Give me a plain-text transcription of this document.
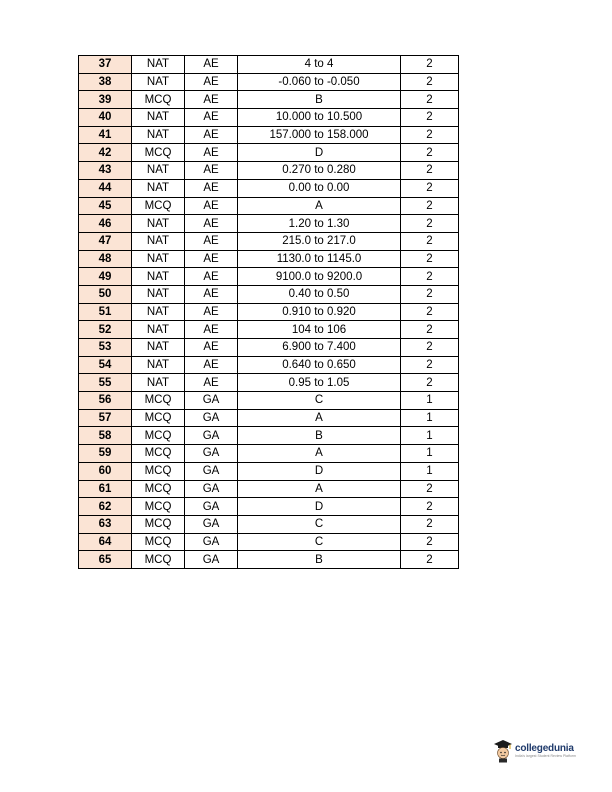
37	NAT	AE	4 to 4	2
38	NAT	AE	-0.060 to -0.050	2
39	MCQ	AE	B	2
40	NAT	AE	10.000 to 10.500	2
41	NAT	AE	157.000 to 158.000	2
42	MCQ	AE	D	2
43	NAT	AE	0.270 to 0.280	2
44	NAT	AE	0.00 to 0.00	2
45	MCQ	AE	A	2
46	NAT	AE	1.20 to 1.30	2
47	NAT	AE	215.0 to 217.0	2
48	NAT	AE	1130.0 to 1145.0	2
49	NAT	AE	9100.0 to 9200.0	2
50	NAT	AE	0.40 to 0.50	2
51	NAT	AE	0.910 to 0.920	2
52	NAT	AE	104 to 106	2
53	NAT	AE	6.900 to 7.400	2
54	NAT	AE	0.640 to 0.650	2
55	NAT	AE	0.95 to 1.05	2
56	MCQ	GA	C	1
57	MCQ	GA	A	1
58	MCQ	GA	B	1
59	MCQ	GA	A	1
60	MCQ	GA	D	1
61	MCQ	GA	A	2
62	MCQ	GA	D	2
63	MCQ	GA	C	2
64	MCQ	GA	C	2
65	MCQ	GA	B	2
collegedunia
India's largest Student Review Platform
